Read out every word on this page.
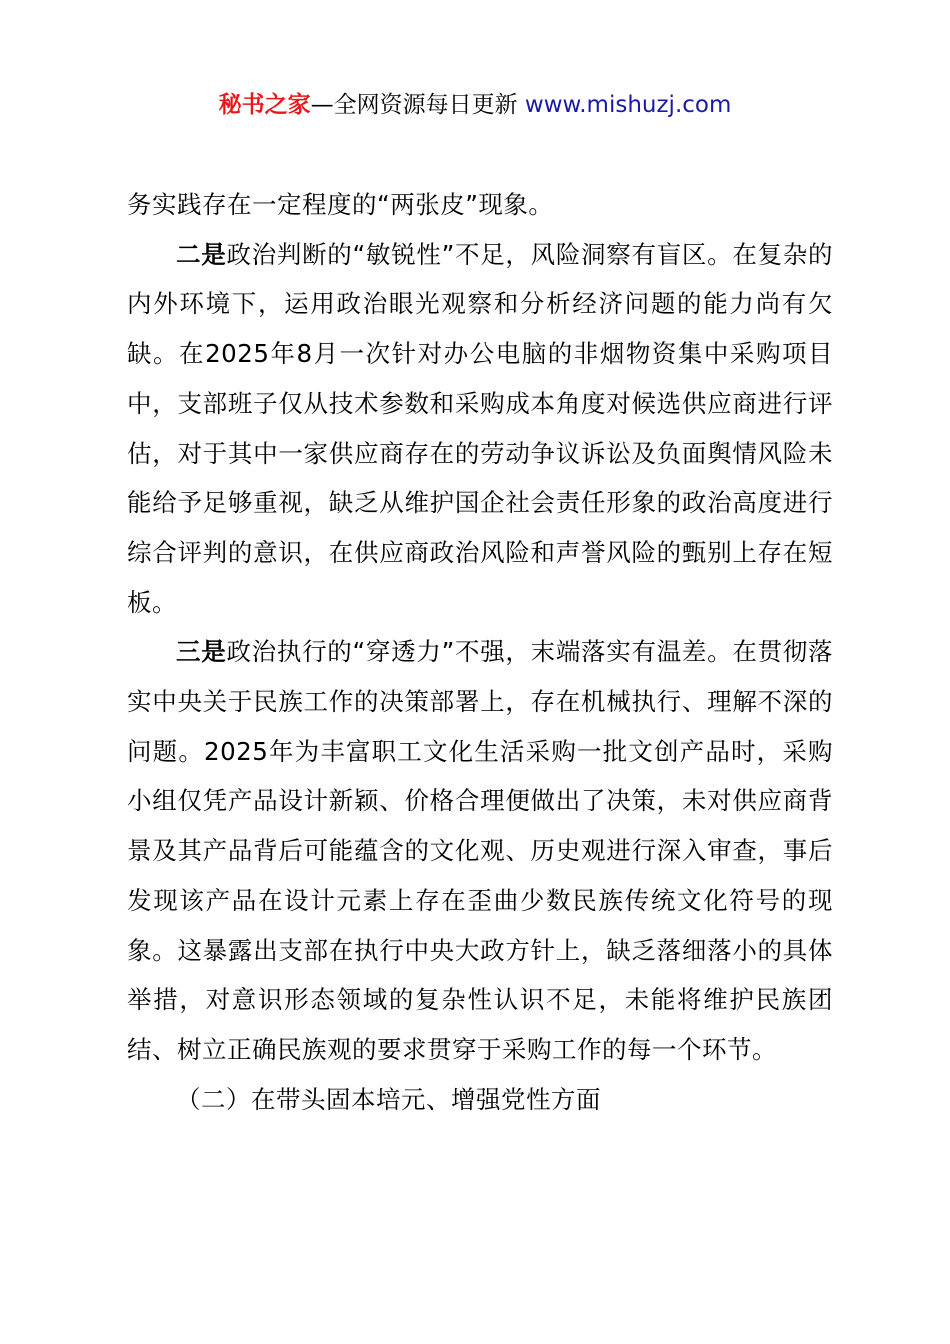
秘书之家—全网资源每日更新 www.mishuzj.com

务实践存在一定程度的“两张皮”现象。

二是政治判断的“敏锐性”不足，风险洞察有盲区。在复杂的内外环境下，运用政治眼光观察和分析经济问题的能力尚有欠缺。在2025年8月一次针对办公电脑的非烟物资集中采购项目中，支部班子仅从技术参数和采购成本角度对候选供应商进行评估，对于其中一家供应商存在的劳动争议诉讼及负面舆情风险未能给予足够重视，缺乏从维护国企社会责任形象的政治高度进行综合评判的意识，在供应商政治风险和声誉风险的甄别上存在短板。

三是政治执行的“穿透力”不强，末端落实有温差。在贯彻落实中央关于民族工作的决策部署上，存在机械执行、理解不深的问题。2025年为丰富职工文化生活采购一批文创产品时，采购小组仅凭产品设计新颖、价格合理便做出了决策，未对供应商背景及其产品背后可能蕴含的文化观、历史观进行深入审查，事后发现该产品在设计元素上存在歪曲少数民族传统文化符号的现象。这暴露出支部在执行中央大政方针上，缺乏落细落小的具体举措，对意识形态领域的复杂性认识不足，未能将维护民族团结、树立正确民族观的要求贯穿于采购工作的每一个环节。

（二）在带头固本培元、增强党性方面
